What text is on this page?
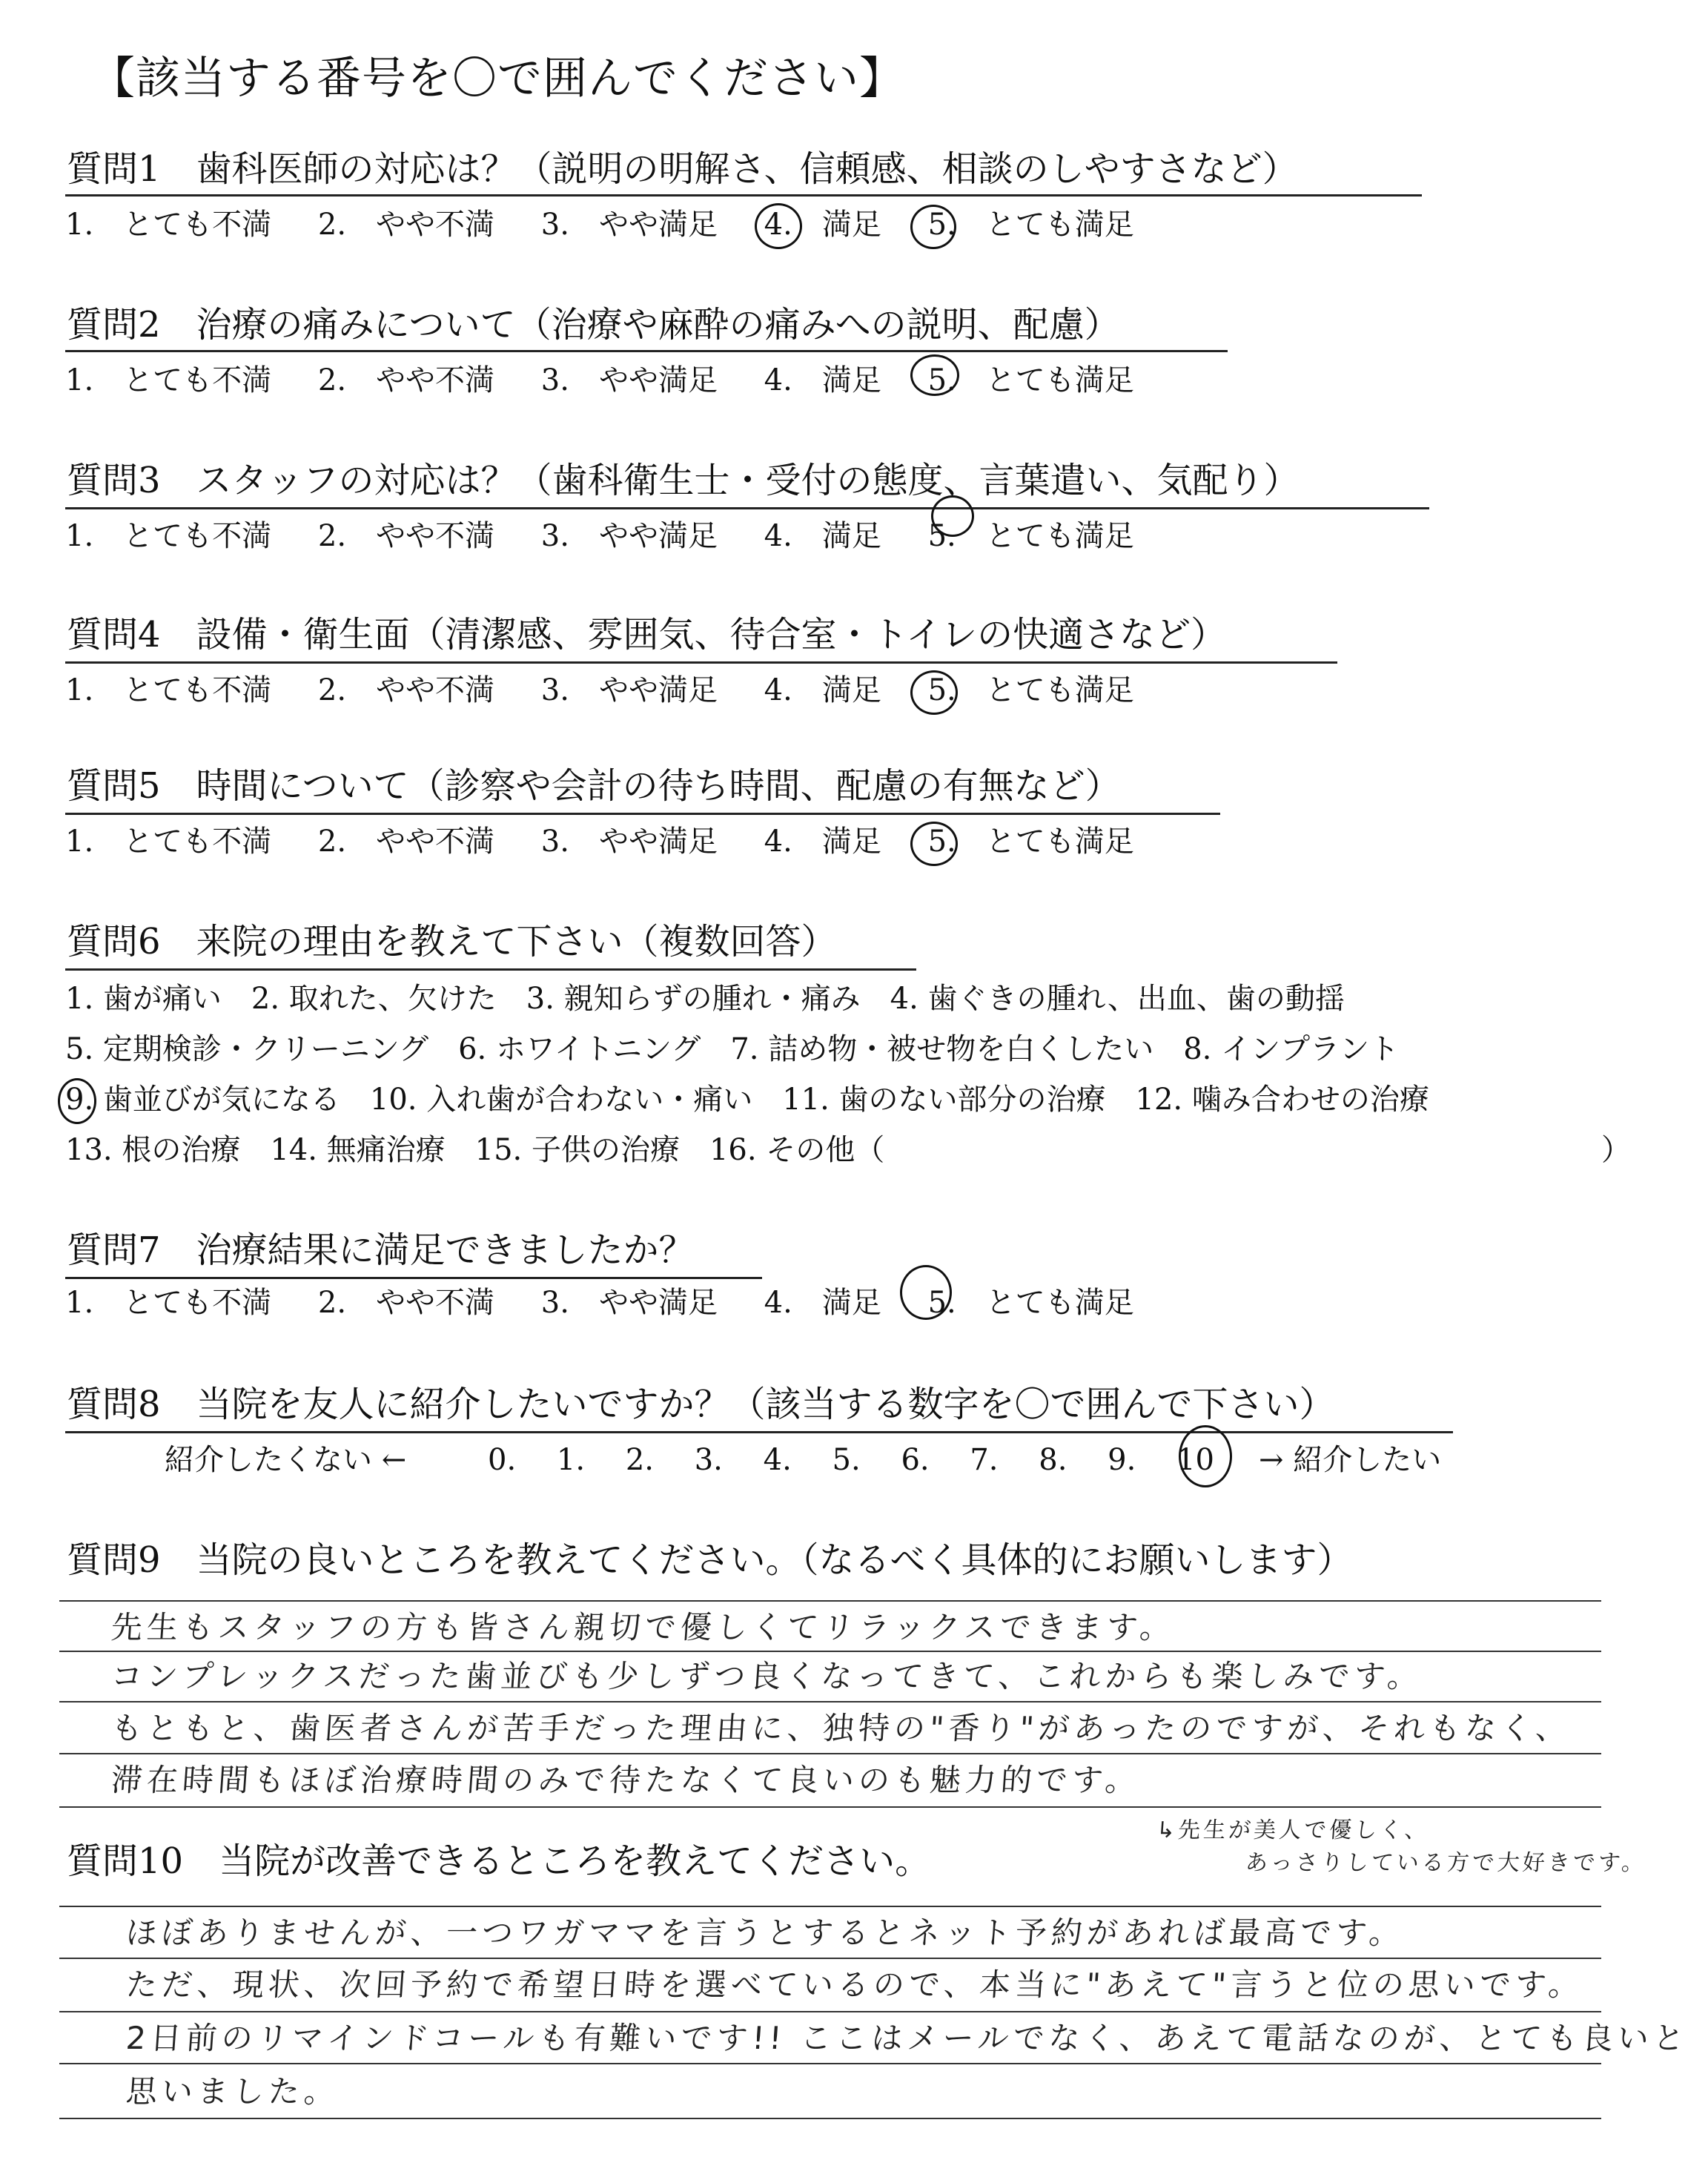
【該当する番号を〇で囲んでください】
質問1　歯科医師の対応は？（説明の明解さ、信頼感、相談のしやすさなど）
1.　とても不満 2.　やや不満 3.　やや満足 4.　満足 5.　とても満足
質問2　治療の痛みについて（治療や麻酔の痛みへの説明、配慮）
1.　とても不満 2.　やや不満 3.　やや満足 4.　満足 5.　とても満足
質問3　スタッフの対応は？（歯科衛生士・受付の態度、言葉遣い、気配り）
1.　とても不満 2.　やや不満 3.　やや満足 4.　満足 5.　とても満足
質問4　設備・衛生面（清潔感、雰囲気、待合室・トイレの快適さなど）
1.　とても不満 2.　やや不満 3.　やや満足 4.　満足 5.　とても満足
質問5　時間について（診察や会計の待ち時間、配慮の有無など）
1.　とても不満 2.　やや不満 3.　やや満足 4.　満足 5.　とても満足
質問6　来院の理由を教えて下さい（複数回答）
1. 歯が痛い　2. 取れた、欠けた　3. 親知らずの腫れ・痛み　4. 歯ぐきの腫れ、出血、歯の動揺
5. 定期検診・クリーニング　6. ホワイトニング　7. 詰め物・被せ物を白くしたい　8. インプラント
9. 歯並びが気になる　10. 入れ歯が合わない・痛い　11. 歯のない部分の治療　12. 噛み合わせの治療
13. 根の治療　14. 無痛治療　15. 子供の治療　16. その他（	）
質問7　治療結果に満足できましたか？
1.　とても不満 2.　やや不満 3.　やや満足 4.　満足 5.　とても満足
質問8　当院を友人に紹介したいですか？（該当する数字を〇で囲んで下さい）
紹介したくない ←	0. 1. 2. 3. 4. 5. 6. 7. 8. 9. 10 → 紹介したい
質問9　当院の良いところを教えてください。（なるべく具体的にお願いします）
先生もスタッフの方も皆さん親切で優しくてリラックスできます。
コンプレックスだった歯並びも少しずつ良くなってきて、これからも楽しみです。
もともと、歯医者さんが苦手だった理由に、独特の"香り"があったのですが、それもなく、
滞在時間もほぼ治療時間のみで待たなくて良いのも魅力的です。
↳先生が美人で優しく、
あっさりしている方で大好きです。
質問10　当院が改善できるところを教えてください。
ほぼありませんが、一つワガママを言うとするとネット予約があれば最高です。
ただ、現状、次回予約で希望日時を選べているので、本当に"あえて"言うと位の思いです。
2日前のリマインドコールも有難いです!! ここはメールでなく、あえて電話なのが、とても良いと
思いました。
